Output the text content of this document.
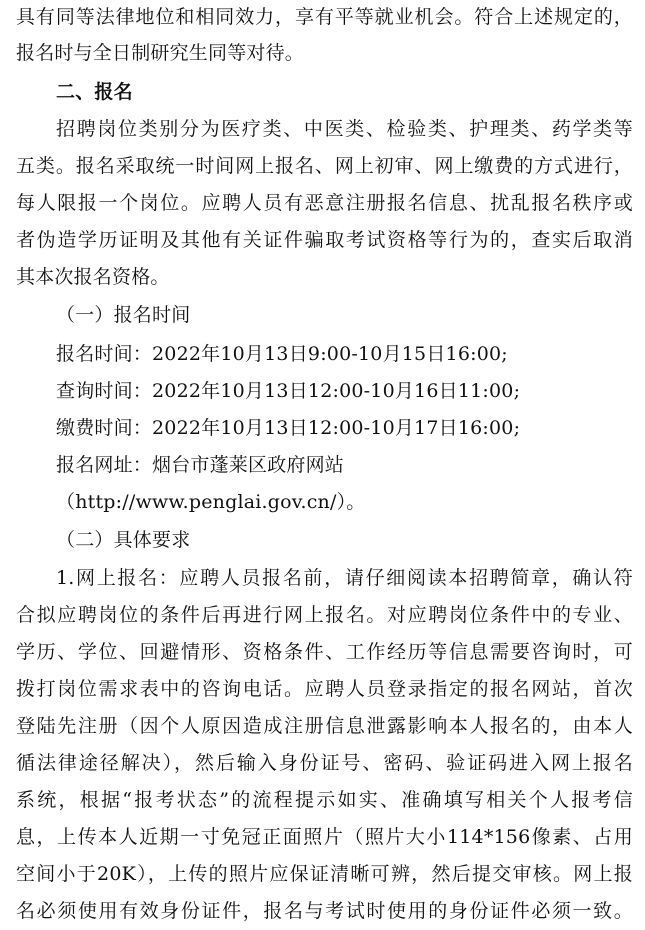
具有同等法律地位和相同效力，享有平等就业机会。符合上述规定的，
报名时与全日制研究生同等对待。
二、报名
招聘岗位类别分为医疗类、中医类、检验类、护理类、药学类等
五类。报名采取统一时间网上报名、网上初审、网上缴费的方式进行，
每人限报一个岗位。应聘人员有恶意注册报名信息、扰乱报名秩序或
者伪造学历证明及其他有关证件骗取考试资格等行为的，查实后取消
其本次报名资格。
（一）报名时间
报名时间：2022年10月13日9:00-10月15日16:00;
查询时间：2022年10月13日12:00-10月16日11:00;
缴费时间：2022年10月13日12:00-10月17日16:00;
报名网址：烟台市蓬莱区政府网站
（http://www.penglai.gov.cn/）。
（二）具体要求
1.网上报名：应聘人员报名前，请仔细阅读本招聘简章，确认符
合拟应聘岗位的条件后再进行网上报名。对应聘岗位条件中的专业、
学历、学位、回避情形、资格条件、工作经历等信息需要咨询时，可
拨打岗位需求表中的咨询电话。应聘人员登录指定的报名网站，首次
登陆先注册（因个人原因造成注册信息泄露影响本人报名的，由本人
循法律途径解决），然后输入身份证号、密码、验证码进入网上报名
系统，根据“报考状态”的流程提示如实、准确填写相关个人报考信
息，上传本人近期一寸免冠正面照片（照片大小114*156像素、占用
空间小于20K），上传的照片应保证清晰可辨，然后提交审核。网上报
名必须使用有效身份证件，报名与考试时使用的身份证件必须一致。
